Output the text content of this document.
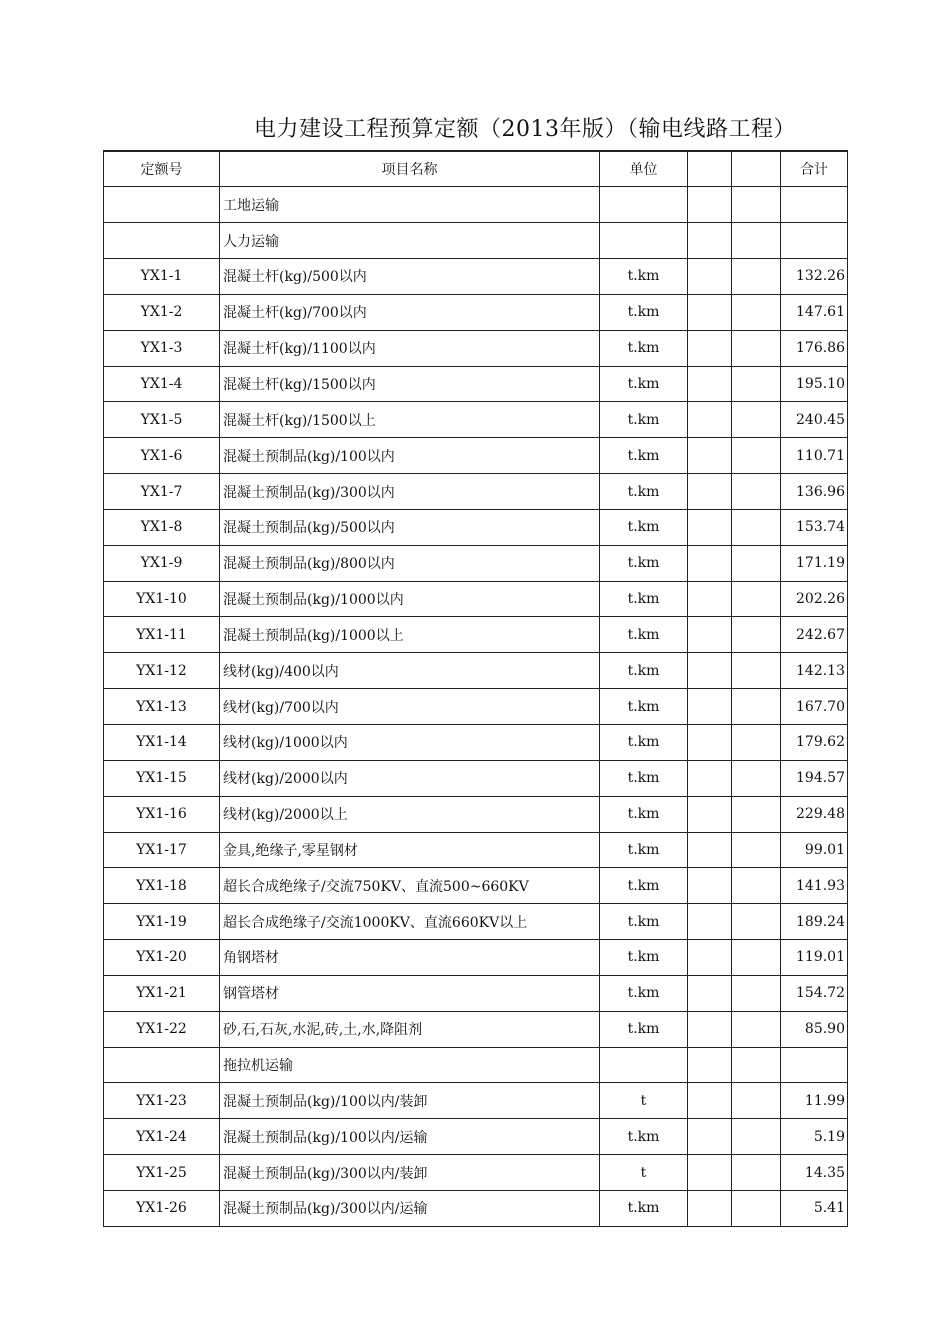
电力建设工程预算定额（2013年版）（输电线路工程）
定额号	项目名称	单位			合计
	工地运输				
	人力运输				
YX1-1	混凝土杆(kg)/500以内	t.km			132.26
YX1-2	混凝土杆(kg)/700以内	t.km			147.61
YX1-3	混凝土杆(kg)/1100以内	t.km			176.86
YX1-4	混凝土杆(kg)/1500以内	t.km			195.10
YX1-5	混凝土杆(kg)/1500以上	t.km			240.45
YX1-6	混凝土预制品(kg)/100以内	t.km			110.71
YX1-7	混凝土预制品(kg)/300以内	t.km			136.96
YX1-8	混凝土预制品(kg)/500以内	t.km			153.74
YX1-9	混凝土预制品(kg)/800以内	t.km			171.19
YX1-10	混凝土预制品(kg)/1000以内	t.km			202.26
YX1-11	混凝土预制品(kg)/1000以上	t.km			242.67
YX1-12	线材(kg)/400以内	t.km			142.13
YX1-13	线材(kg)/700以内	t.km			167.70
YX1-14	线材(kg)/1000以内	t.km			179.62
YX1-15	线材(kg)/2000以内	t.km			194.57
YX1-16	线材(kg)/2000以上	t.km			229.48
YX1-17	金具,绝缘子,零星钢材	t.km			99.01
YX1-18	超长合成绝缘子/交流750KV、直流500~660KV	t.km			141.93
YX1-19	超长合成绝缘子/交流1000KV、直流660KV以上	t.km			189.24
YX1-20	角钢塔材	t.km			119.01
YX1-21	钢管塔材	t.km			154.72
YX1-22	砂,石,石灰,水泥,砖,土,水,降阻剂	t.km			85.90
	拖拉机运输				
YX1-23	混凝土预制品(kg)/100以内/装卸	t			11.99
YX1-24	混凝土预制品(kg)/100以内/运输	t.km			5.19
YX1-25	混凝土预制品(kg)/300以内/装卸	t			14.35
YX1-26	混凝土预制品(kg)/300以内/运输	t.km			5.41
